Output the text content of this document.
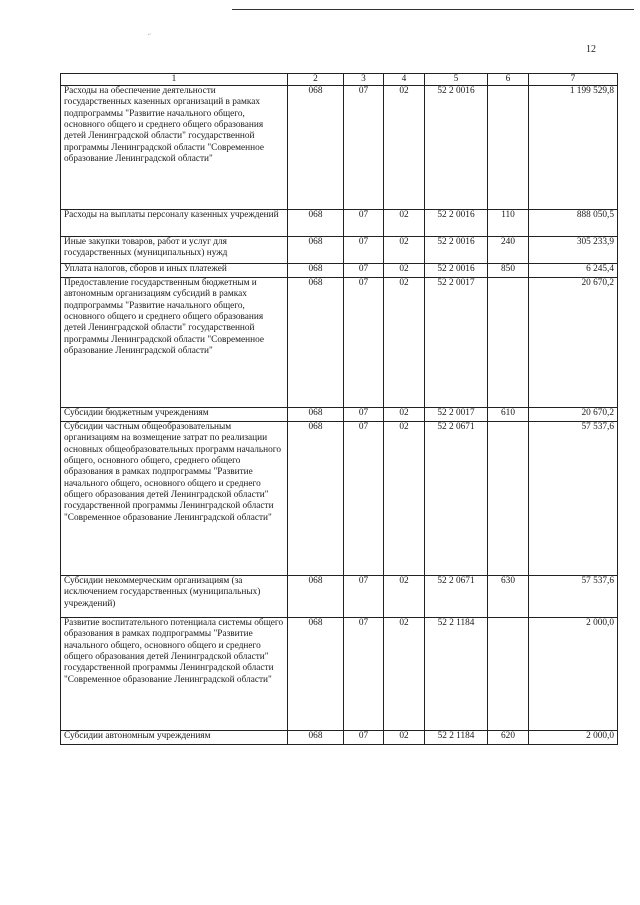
~
12
1	2	3	4	5	6	7
Расходы на обеспечение деятельности государственных казенных организаций в рамках подпрограммы "Развитие начального общего, основного общего и среднего общего образования детей Ленинградской области" государственной программы Ленинградской области "Современное образование Ленинградской области"	068	07	02	52 2 0016		1 199 529,8
Расходы на выплаты персоналу казенных учреждений	068	07	02	52 2 0016	110	888 050,5
Иные закупки товаров, работ и услуг для государственных (муниципальных) нужд	068	07	02	52 2 0016	240	305 233,9
Уплата налогов, сборов и иных платежей	068	07	02	52 2 0016	850	6 245,4
Предоставление государственным бюджетным и автономным организациям субсидий в рамках подпрограммы "Развитие начального общего, основного общего и среднего общего образования детей Ленинградской области" государственной программы Ленинградской области "Современное образование Ленинградской области"	068	07	02	52 2 0017		20 670,2
Субсидии бюджетным учреждениям	068	07	02	52 2 0017	610	20 670,2
Субсидии частным общеобразовательным организациям на возмещение затрат по реализации основных общеобразовательных программ начального общего, основного общего, среднего общего образования в рамках подпрограммы "Развитие начального общего, основного общего и среднего общего образования детей Ленинградской области" государственной программы Ленинградской области "Современное образование Ленинградской области"	068	07	02	52 2 0671		57 537,6
Субсидии некоммерческим организациям (за исключением государственных (муниципальных) учреждений)	068	07	02	52 2 0671	630	57 537,6
Развитие воспитательного потенциала системы общего образования в рамках подпрограммы "Развитие начального общего, основного общего и среднего общего образования детей Ленинградской области" государственной программы Ленинградской области "Современное образование Ленинградской области"	068	07	02	52 2 1184		2 000,0
Субсидии автономным учреждениям	068	07	02	52 2 1184	620	2 000,0
